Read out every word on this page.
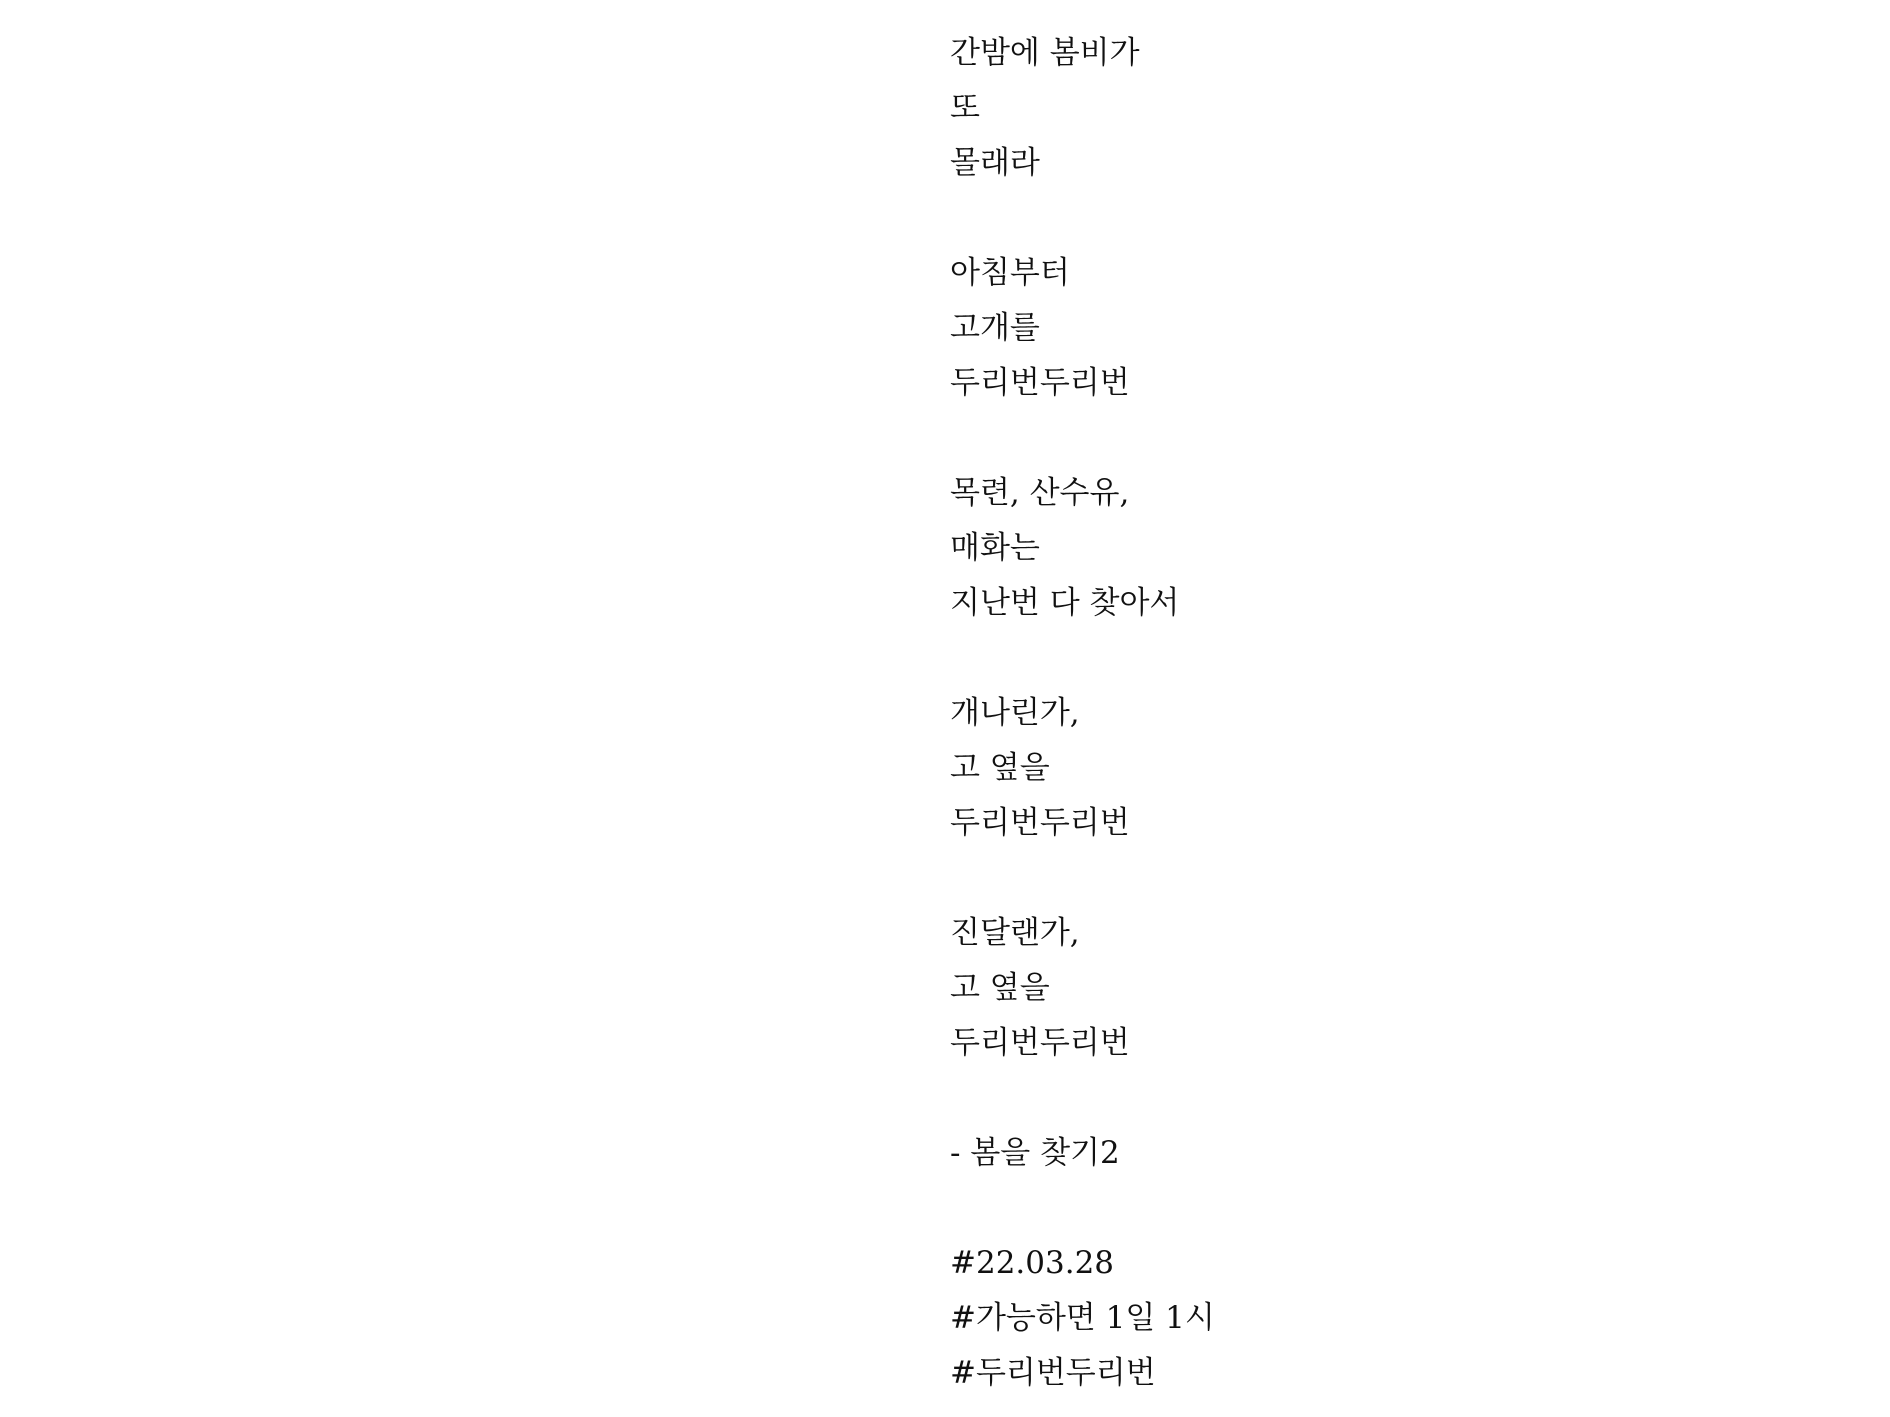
간밤에 봄비가
또
몰래라
아침부터
고개를
두리번두리번
목련, 산수유,
매화는
지난번 다 찾아서
개나린가,
고 옆을
두리번두리번
진달랜가,
고 옆을
두리번두리번
- 봄을 찾기2
#22.03.28
#가능하면 1일 1시
#두리번두리번
